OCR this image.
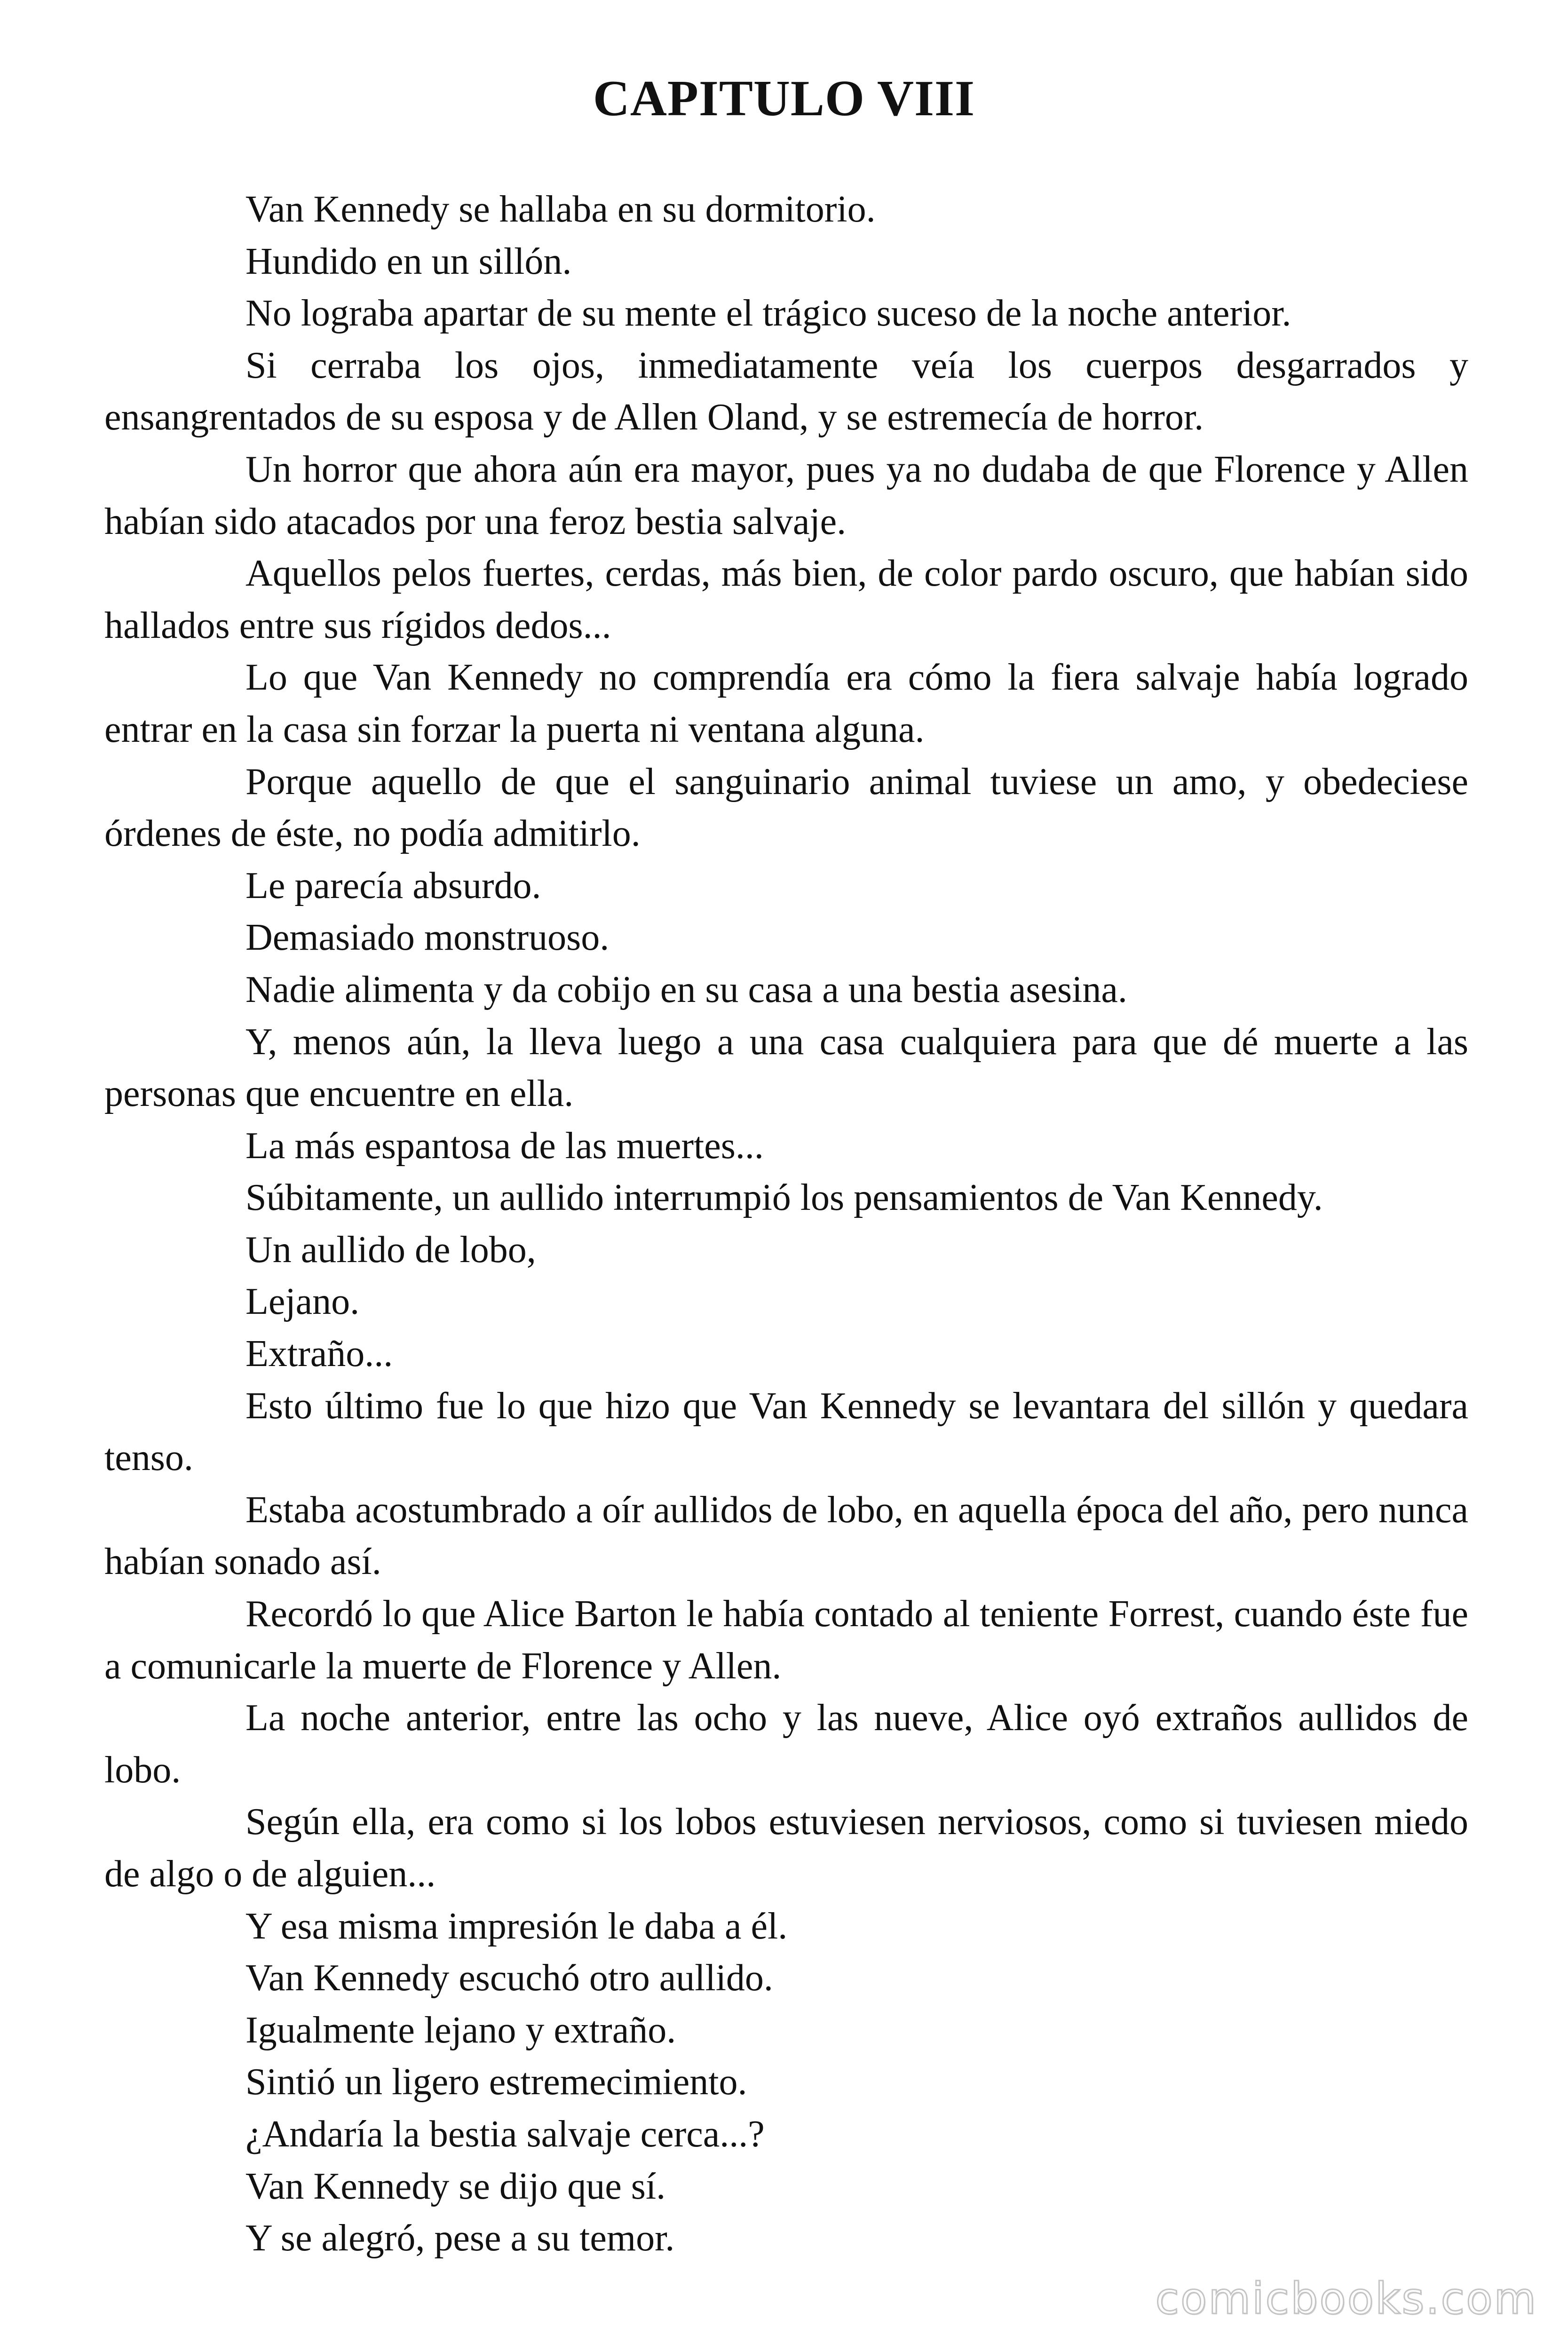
CAPITULO VIII

Van Kennedy se hallaba en su dormitorio.

Hundido en un sillón.

No lograba apartar de su mente el trágico suceso de la noche anterior.

Si cerraba los ojos, inmediatamente veía los cuerpos desgarrados y ensangrentados de su esposa y de Allen Oland, y se estremecía de horror.

Un horror que ahora aún era mayor, pues ya no dudaba de que Florence y Allen habían sido atacados por una feroz bestia salvaje.

Aquellos pelos fuertes, cerdas, más bien, de color pardo oscuro, que habían sido hallados entre sus rígidos dedos...

Lo que Van Kennedy no comprendía era cómo la fiera salvaje había logrado entrar en la casa sin forzar la puerta ni ventana alguna.

Porque aquello de que el sanguinario animal tuviese un amo, y obedeciese órdenes de éste, no podía admitirlo.

Le parecía absurdo.

Demasiado monstruoso.

Nadie alimenta y da cobijo en su casa a una bestia asesina.

Y, menos aún, la lleva luego a una casa cualquiera para que dé muerte a las personas que encuentre en ella.

La más espantosa de las muertes...

Súbitamente, un aullido interrumpió los pensamientos de Van Kennedy.

Un aullido de lobo,

Lejano.

Extraño...

Esto último fue lo que hizo que Van Kennedy se levantara del sillón y quedara tenso.

Estaba acostumbrado a oír aullidos de lobo, en aquella época del año, pero nunca habían sonado así.

Recordó lo que Alice Barton le había contado al teniente Forrest, cuando éste fue a comunicarle la muerte de Florence y Allen.

La noche anterior, entre las ocho y las nueve, Alice oyó extraños aullidos de lobo.

Según ella, era como si los lobos estuviesen nerviosos, como si tuviesen miedo de algo o de alguien...

Y esa misma impresión le daba a él.

Van Kennedy escuchó otro aullido.

Igualmente lejano y extraño.

Sintió un ligero estremecimiento.

¿Andaría la bestia salvaje cerca...?

Van Kennedy se dijo que sí.

Y se alegró, pese a su temor.

comicbooks.com
